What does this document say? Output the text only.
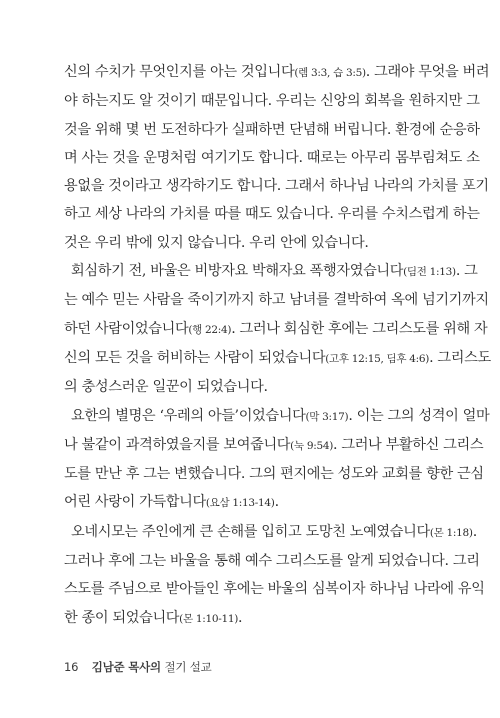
신의 수치가 무엇인지를 아는 것입니다(렘 3:3, 습 3:5). 그래야 무엇을 버려
야 하는지도 알 것이기 때문입니다. 우리는 신앙의 회복을 원하지만 그
것을 위해 몇 번 도전하다가 실패하면 단념해 버립니다. 환경에 순응하
며 사는 것을 운명처럼 여기기도 합니다. 때로는 아무리 몸부림쳐도 소
용없을 것이라고 생각하기도 합니다. 그래서 하나님 나라의 가치를 포기
하고 세상 나라의 가치를 따를 때도 있습니다. 우리를 수치스럽게 하는
것은 우리 밖에 있지 않습니다. 우리 안에 있습니다.
회심하기 전, 바울은 비방자요 박해자요 폭행자였습니다(딤전 1:13). 그
는 예수 믿는 사람을 죽이기까지 하고 남녀를 결박하여 옥에 넘기기까지
하던 사람이었습니다(행 22:4). 그러나 회심한 후에는 그리스도를 위해 자
신의 모든 것을 허비하는 사람이 되었습니다(고후 12:15, 딤후 4:6). 그리스도
의 충성스러운 일꾼이 되었습니다.
요한의 별명은 ‘우레의 아들’이었습니다(막 3:17). 이는 그의 성격이 얼마
나 불같이 과격하였을지를 보여줍니다(눅 9:54). 그러나 부활하신 그리스
도를 만난 후 그는 변했습니다. 그의 편지에는 성도와 교회를 향한 근심
어린 사랑이 가득합니다(요삼 1:13-14).
오네시모는 주인에게 큰 손해를 입히고 도망친 노예였습니다(몬 1:18).
그러나 후에 그는 바울을 통해 예수 그리스도를 알게 되었습니다. 그리
스도를 주님으로 받아들인 후에는 바울의 심복이자 하나님 나라에 유익
한 종이 되었습니다(몬 1:10-11).
16 김남준 목사의 절기 설교
